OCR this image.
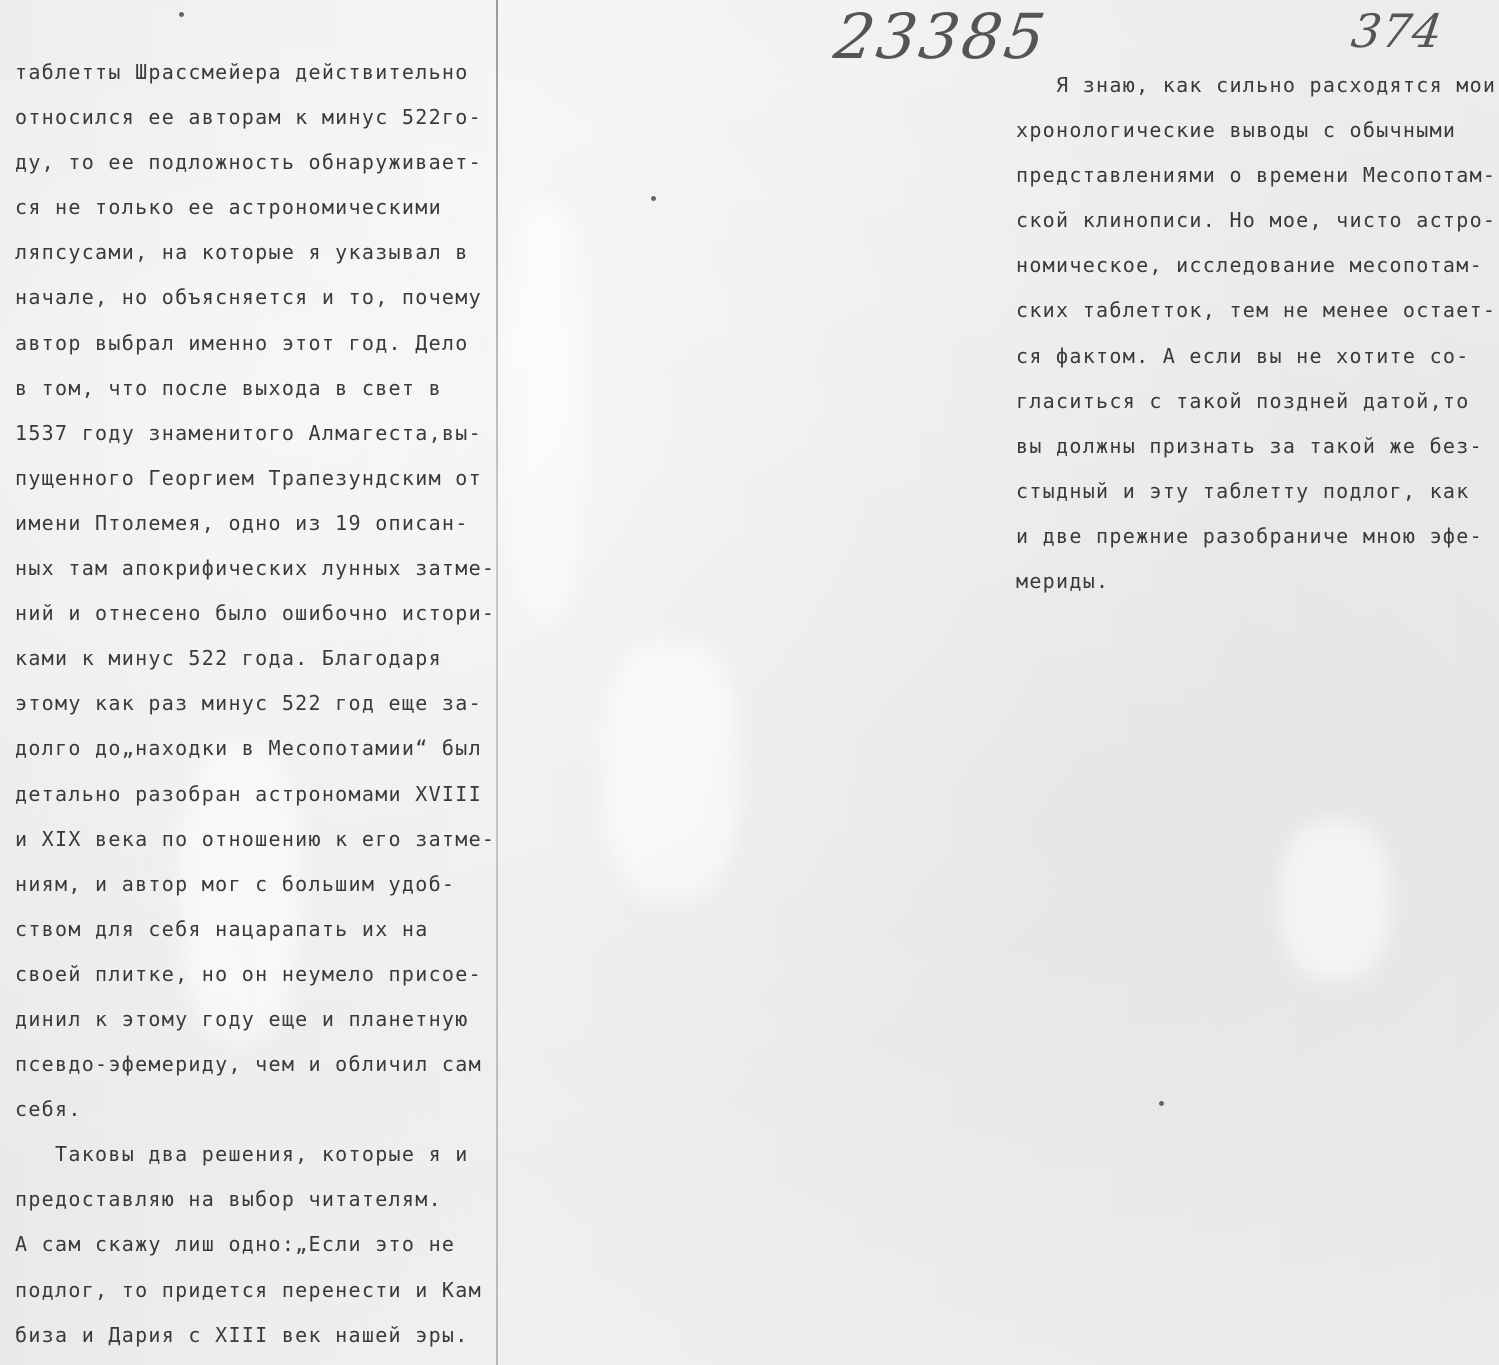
23385	374
таблетты Шрассмейера действительно
относился ее авторам к минус 522го-
ду, то ее подложность обнаруживает-
ся не только ее астрономическими
ляпсусами, на которые я указывал в
начале, но объясняется и то, почему
автор выбрал именно этот год. Дело
в том, что после выхода в свет в
1537 году знаменитого Алмагеста,вы-
пущенного Георгием Трапезундским от
имени Птолемея, одно из 19 описан-
ных там апокрифических лунных затме-
ний и отнесено было ошибочно истори-
ками к минус 522 года. Благодаря
этому как раз минус 522 год еще за-
долго до„находки в Месопотамии“ был
детально разобран астрономами XVIII
и XIX века по отношению к его затме-
ниям, и автор мог с большим удоб-
ством для себя нацарапать их на
своей плитке, но он неумело присое-
динил к этому году еще и планетную
псевдо-эфемериду, чем и обличил сам
себя.
Таковы два решения, которые я и
предоставляю на выбор читателям.
А сам скажу лиш одно:„Если это не
подлог, то придется перенести и Кам
биза и Дария с XIII век нашей эры.
Я знаю, как сильно расходятся мои
хронологические выводы с обычными
представлениями о времени Месопотам-
ской клинописи. Но мое, чисто астро-
номическое, исследование месопотам-
ских таблетток, тем не менее остает-
ся фактом. А если вы не хотите со-
гласиться с такой поздней датой,то
вы должны признать за такой же без-
стыдный и эту таблетту подлог, как
и две прежние разобраниче мною эфе-
мериды.
